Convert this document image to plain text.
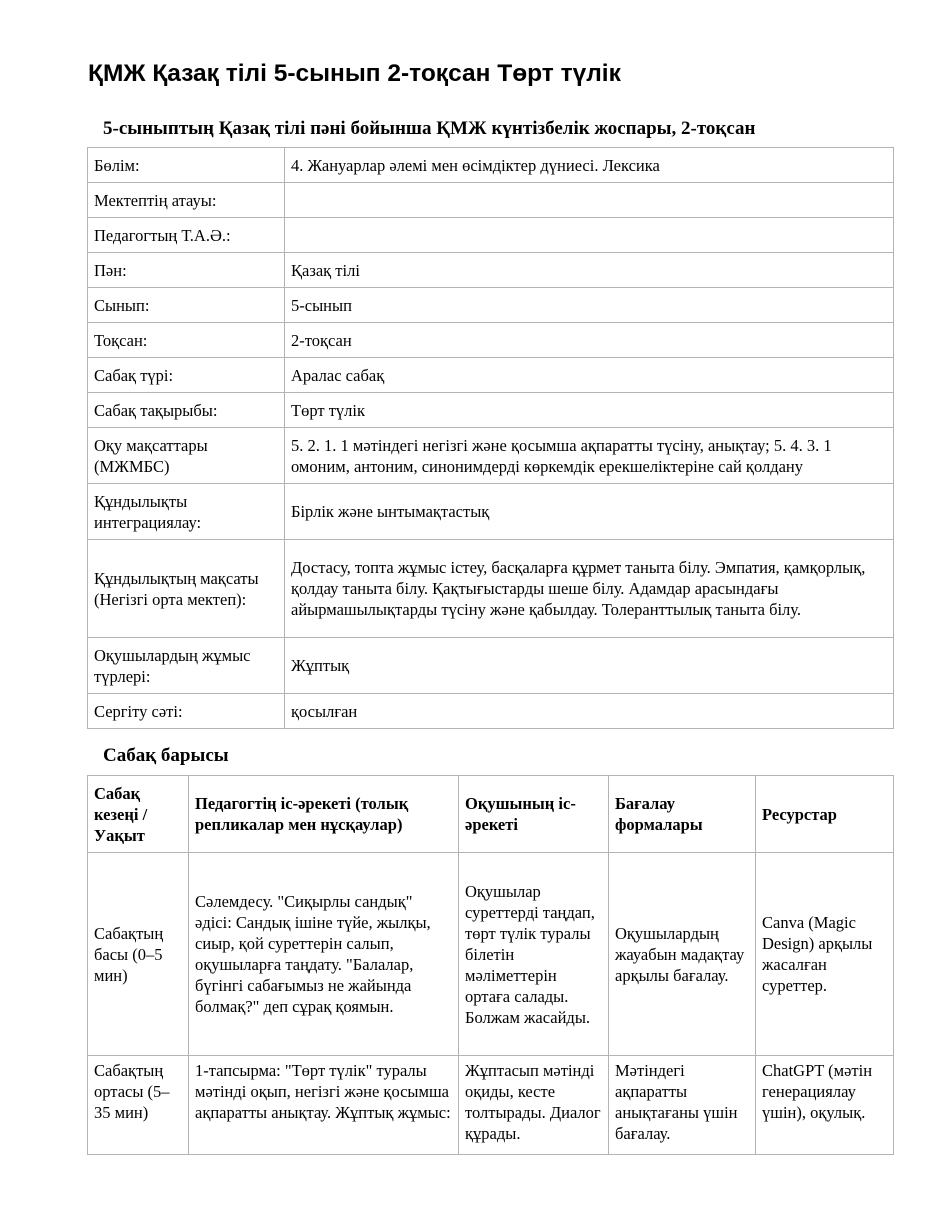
ҚМЖ Қазақ тілі 5-сынып 2-тоқсан Төрт түлік
5-сыныптың Қазақ тілі пәні бойынша ҚМЖ күнтізбелік жоспары, 2-тоқсан
Бөлім:	4. Жануарлар әлемі мен өсімдіктер дүниесі. Лексика
Мектептің атауы:	
Педагогтың Т.А.Ә.:	
Пән:	Қазақ тілі
Сынып:	5-сынып
Тоқсан:	2-тоқсан
Сабақ түрі:	Аралас сабақ
Сабақ тақырыбы:	Төрт түлік
Оқу мақсаттары (МЖМБС)	5. 2. 1. 1 мәтіндегі негізгі және қосымша ақпаратты түсіну, анықтау; 5. 4. 3. 1 омоним, антоним, синонимдерді көркемдік ерекшеліктеріне сай қолдану
Құндылықты интеграциялау:	Бірлік және ынтымақтастық
Құндылықтың мақсаты (Негізгі орта мектеп):	Достасу, топта жұмыс істеу, басқаларға құрмет таныта білу. Эмпатия, қамқорлық, қолдау таныта білу. Қақтығыстарды шеше білу. Адамдар арасындағы айырмашылықтарды түсіну және қабылдау. Толеранттылық таныта білу.
Оқушылардың жұмыс түрлері:	Жұптық
Сергіту сәті:	қосылған
Сабақ барысы
Сабақ кезеңі / Уақыт	Педагогтің іс-әрекеті (толық репликалар мен нұсқаулар)	Оқушының іс-әрекеті	Бағалау формалары	Ресурстар
Сабақтың басы (0–5 мин)	Сәлемдесу. "Сиқырлы сандық" әдісі: Сандық ішіне түйе, жылқы, сиыр, қой суреттерін салып, оқушыларға таңдату. "Балалар, бүгінгі сабағымыз не жайында болмақ?" деп сұрақ қоямын.	Оқушылар суреттерді таңдап, төрт түлік туралы білетін мәліметтерін ортаға салады. Болжам жасайды.	Оқушылардың жауабын мадақтау арқылы бағалау.	Canva (Magic Design) арқылы жасалған суреттер.
Сабақтың ортасы (5–35 мин)	1-тапсырма: "Төрт түлік" туралы мәтінді оқып, негізгі және қосымша ақпаратты анықтау. Жұптық жұмыс:	Жұптасып мәтінді оқиды, кесте толтырады. Диалог құрады.	Мәтіндегі ақпаратты анықтағаны үшін бағалау.	ChatGPT (мәтін генерациялау үшін), оқулық.
